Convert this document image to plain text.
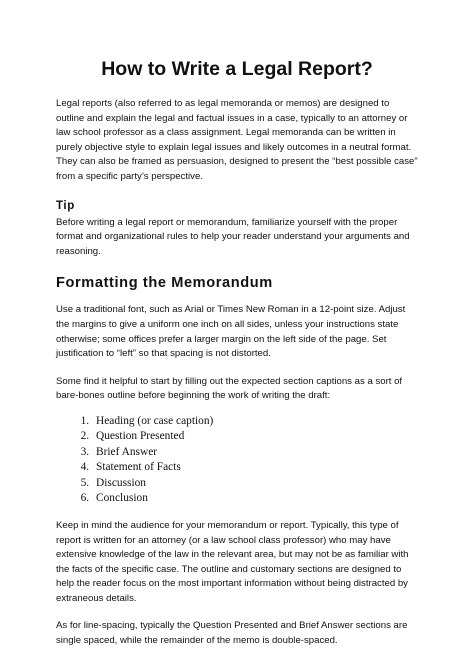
How to Write a Legal Report?

Legal reports (also referred to as legal memoranda or memos) are designed to outline and explain the legal and factual issues in a case, typically to an attorney or law school professor as a class assignment. Legal memoranda can be written in purely objective style to explain legal issues and likely outcomes in a neutral format. They can also be framed as persuasion, designed to present the “best possible case” from a specific party’s perspective.

Tip

Before writing a legal report or memorandum, familiarize yourself with the proper format and organizational rules to help your reader understand your arguments and reasoning.

Formatting the Memorandum

Use a traditional font, such as Arial or Times New Roman in a 12-point size. Adjust the margins to give a uniform one inch on all sides, unless your instructions state otherwise; some offices prefer a larger margin on the left side of the page. Set justification to “left” so that spacing is not distorted.

Some find it helpful to start by filling out the expected section captions as a sort of bare-bones outline before beginning the work of writing the draft:

1. Heading (or case caption)
2. Question Presented
3. Brief Answer
4. Statement of Facts
5. Discussion
6. Conclusion

Keep in mind the audience for your memorandum or report. Typically, this type of report is written for an attorney (or a law school class professor) who may have extensive knowledge of the law in the relevant area, but may not be as familiar with the facts of the specific case. The outline and customary sections are designed to help the reader focus on the most important information without being distracted by extraneous details.

As for line-spacing, typically the Question Presented and Brief Answer sections are single spaced, while the remainder of the memo is double-spaced.
